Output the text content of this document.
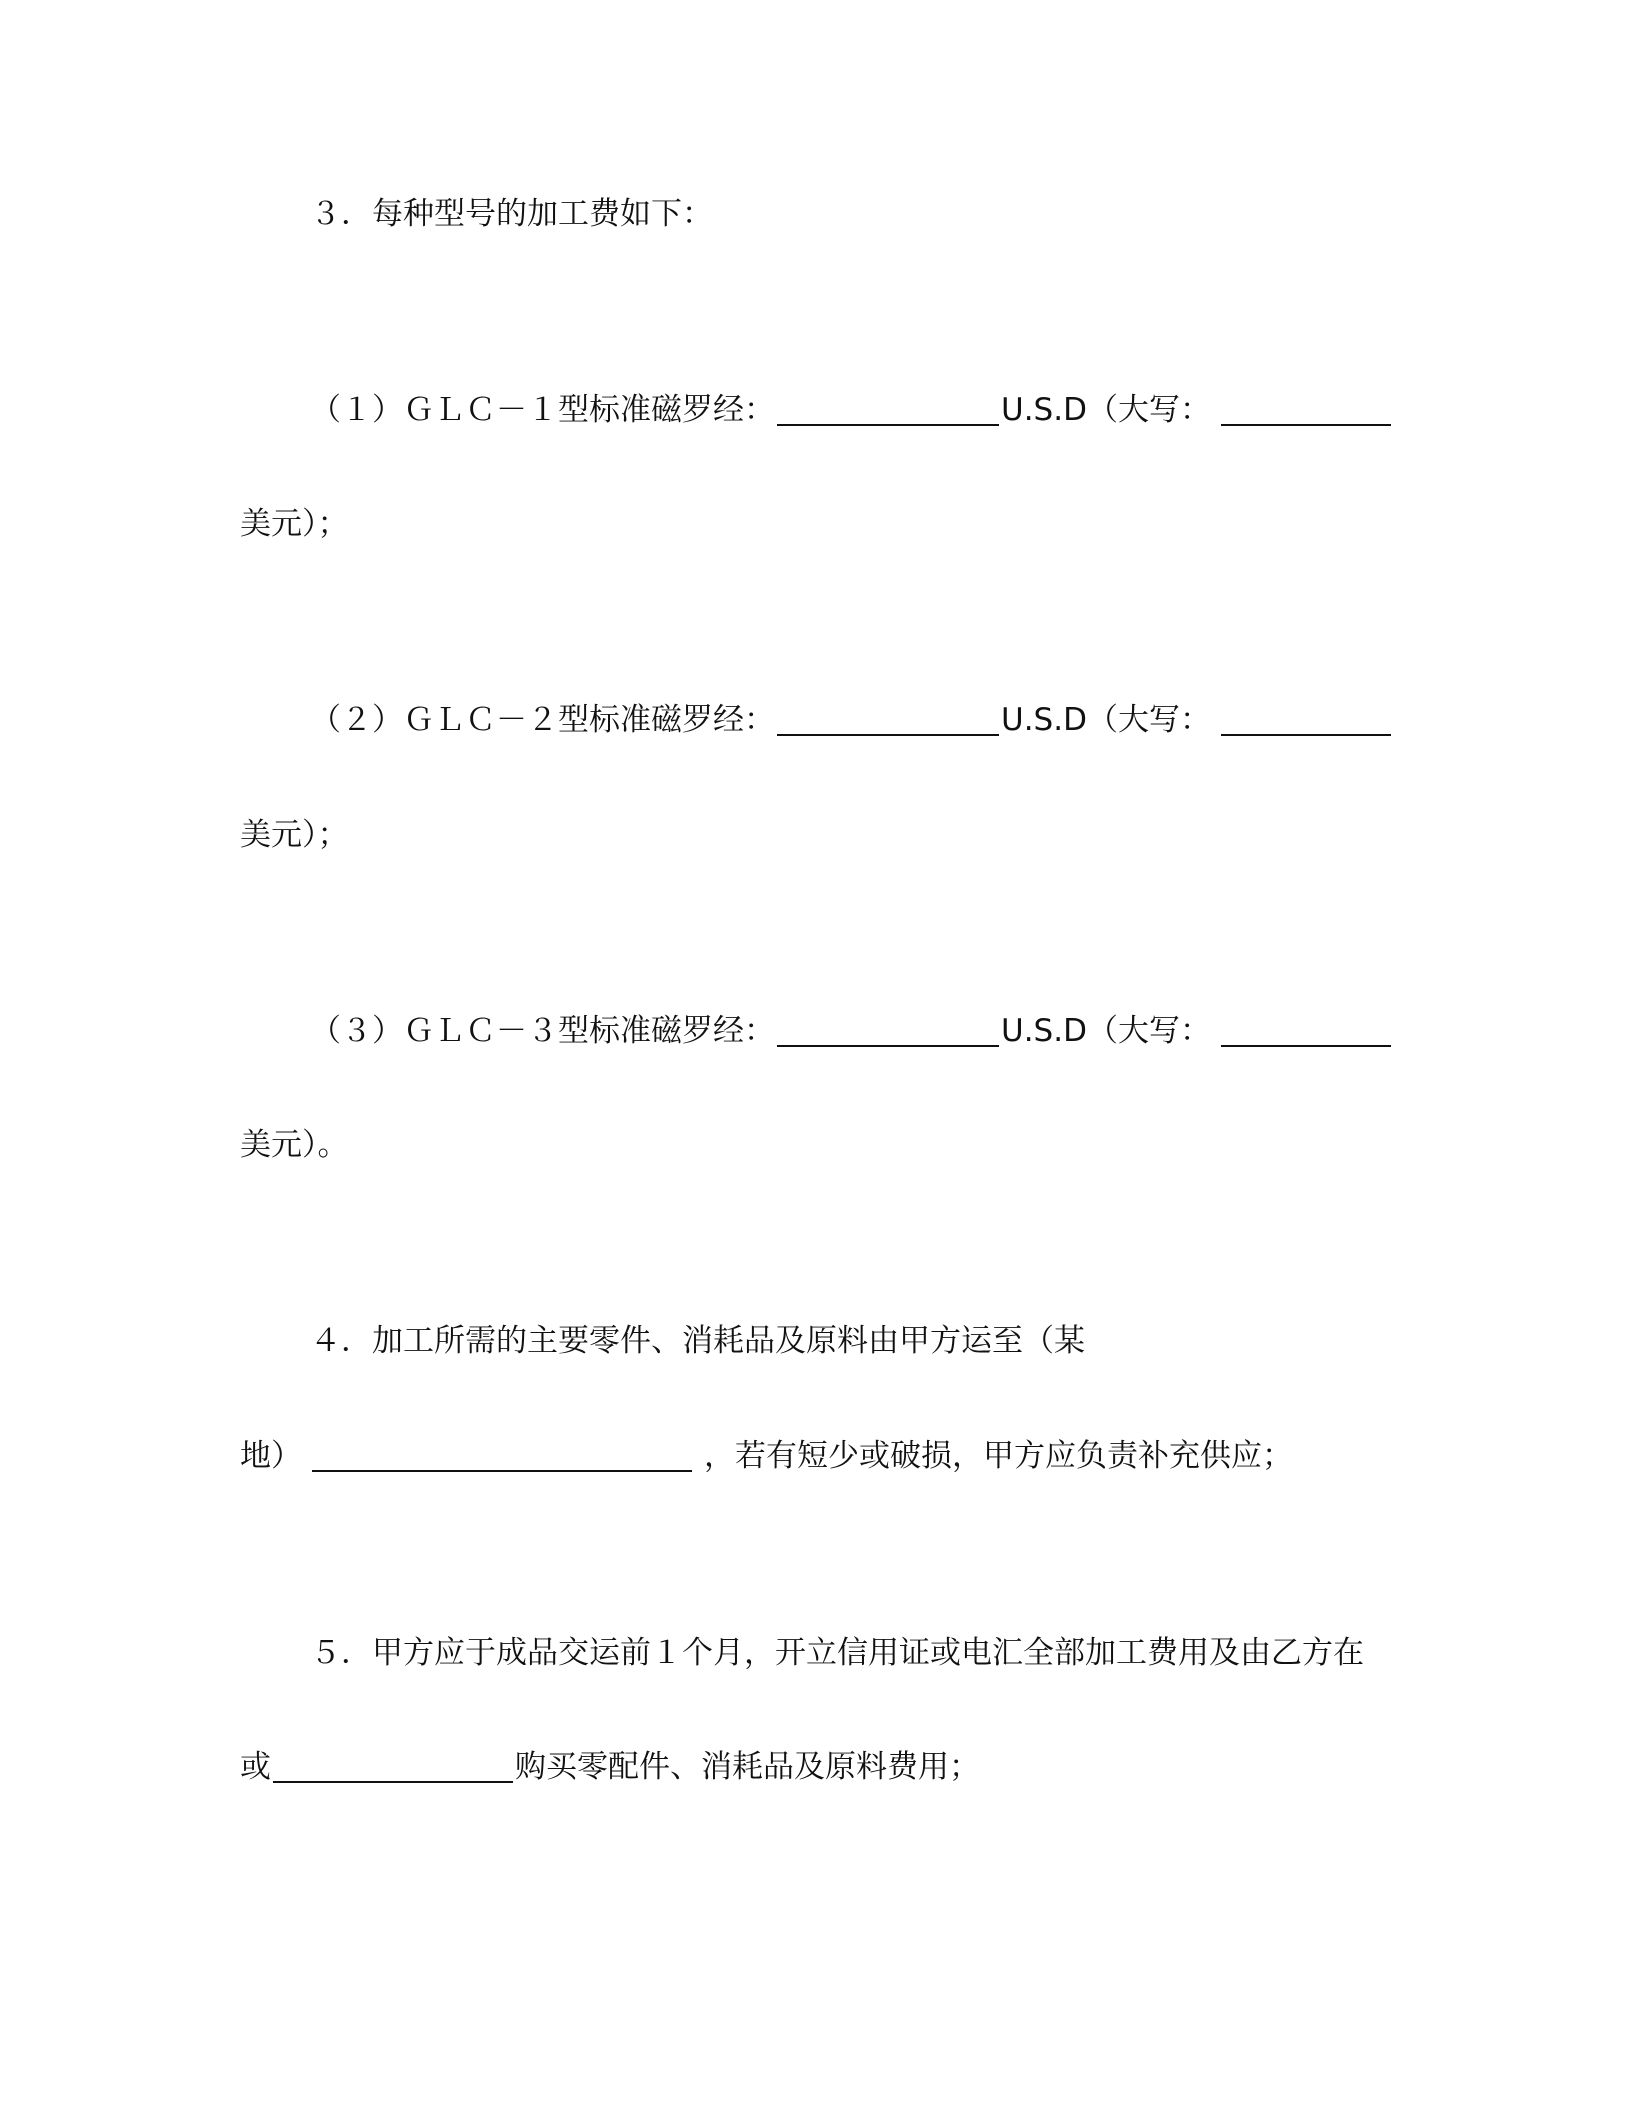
３．每种型号的加工费如下：
（１）ＧＬＣ－１型标准磁罗经：	U.S.D（大写：
美元）；
（２）ＧＬＣ－２型标准磁罗经：	U.S.D（大写：
美元）；
（３）ＧＬＣ－３型标准磁罗经：	U.S.D（大写：
美元）。
４．加工所需的主要零件、消耗品及原料由甲方运至（某
地）	，若有短少或破损，甲方应负责补充供应；
５．甲方应于成品交运前１个月，开立信用证或电汇全部加工费用及由乙方在
或	购买零配件、消耗品及原料费用；
